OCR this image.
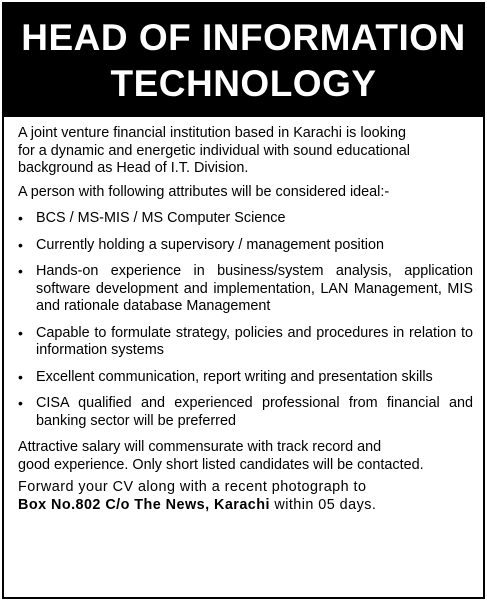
HEAD OF INFORMATION
TECHNOLOGY

A joint venture financial institution based in Karachi is looking
for a dynamic and energetic individual with sound educational
background as Head of I.T. Division.

A person with following attributes will be considered ideal:-

• BCS / MS-MIS / MS Computer Science
• Currently holding a supervisory / management position
• Hands-on experience in business/system analysis, application software development and implementation, LAN Management, MIS and rationale database Management
• Capable to formulate strategy, policies and procedures in relation to information systems
• Excellent communication, report writing and presentation skills
• CISA qualified and experienced professional from financial and banking sector will be preferred

Attractive salary will commensurate with track record and
good experience. Only short listed candidates will be contacted.

Forward your CV along with a recent photograph to
Box No.802 C/o The News, Karachi within 05 days.
